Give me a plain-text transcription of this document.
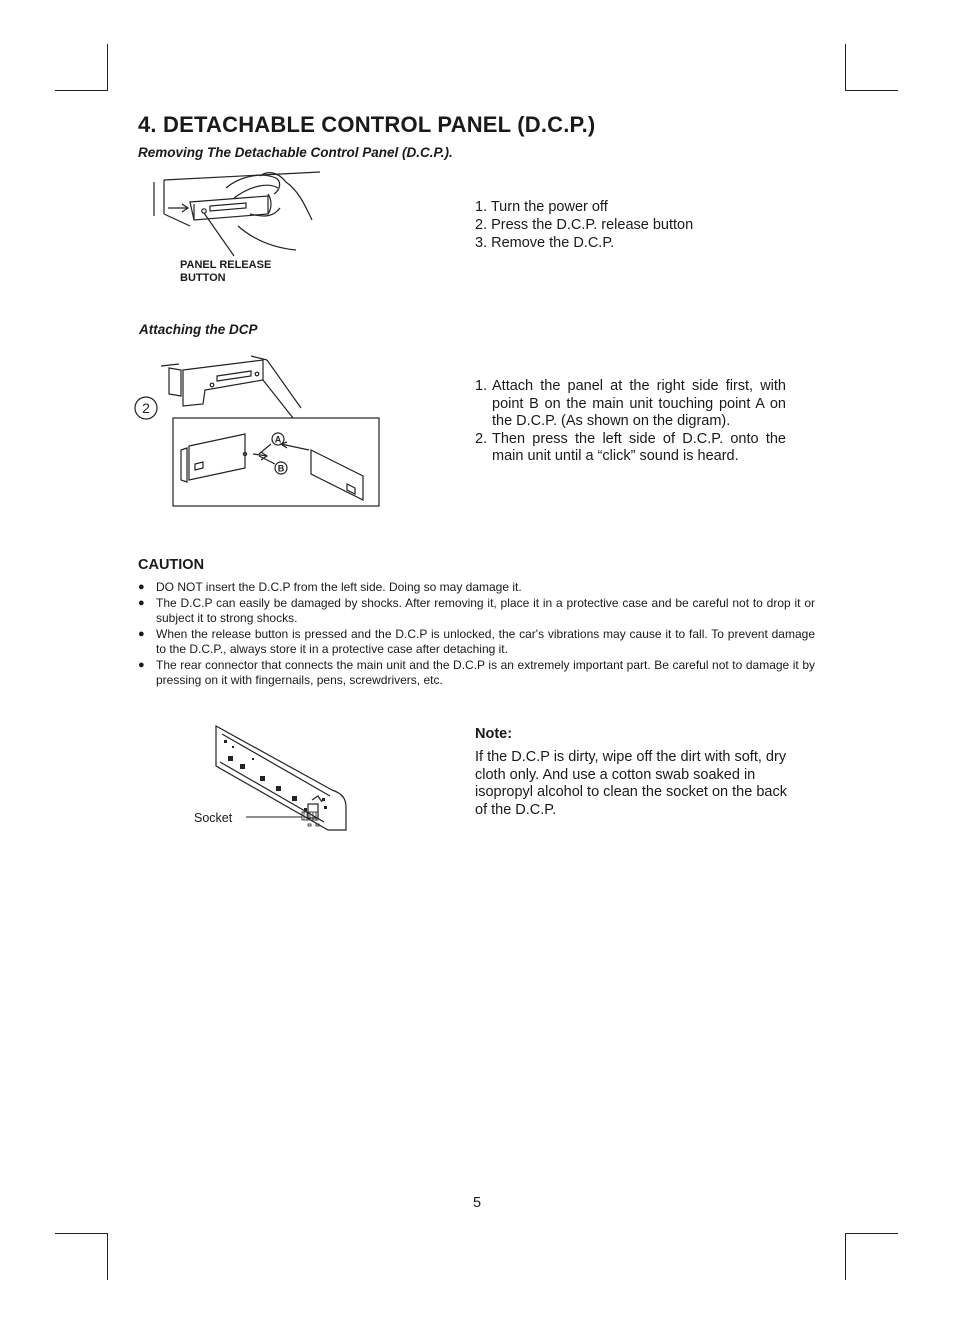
4. DETACHABLE CONTROL PANEL (D.C.P.)
Removing The Detachable Control Panel (D.C.P.).
PANEL RELEASE
BUTTON
1. Turn the power off
2. Press the D.C.P. release button
3. Remove the D.C.P.
Attaching the DCP
2
A
B
1. Attach the panel at the right side first, with point B on the main unit touching point A on the D.C.P. (As shown on the digram).
2. Then press the left side of D.C.P. onto the main unit until a “click” sound is heard.
CAUTION
● DO NOT insert the D.C.P from the left side. Doing so may damage it.
● The D.C.P can easily be damaged by shocks. After removing it, place it in a protective case and be careful not to drop it or subject it to strong shocks.
● When the release button is pressed and the D.C.P is unlocked, the car's vibrations may cause it to fall. To prevent damage to the D.C.P., always store it in a protective case after detaching it.
● The rear connector that connects the main unit and the D.C.P is an extremely important part. Be careful not to damage it by pressing on it with fingernails, pens, screwdrivers, etc.
Socket
Note:
If the D.C.P is dirty, wipe off the dirt with soft, dry cloth only. And use a cotton swab soaked in isopropyl alcohol to clean the socket on the back of the D.C.P.
5
